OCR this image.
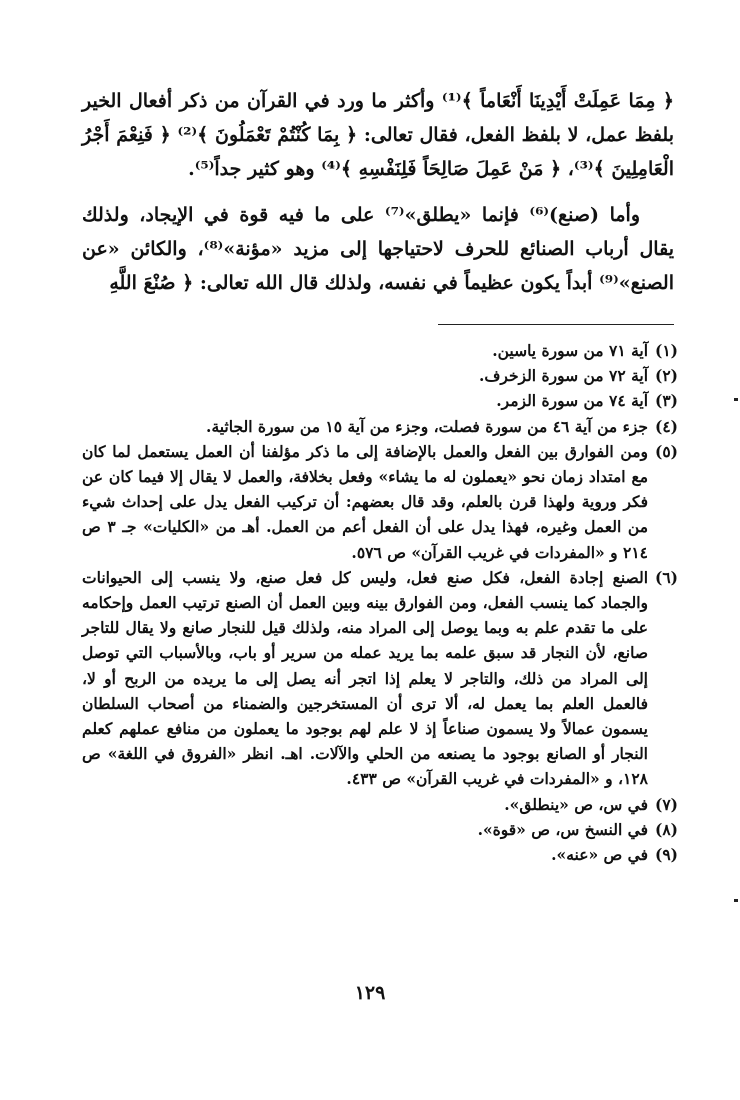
﴿ مِمَا عَمِلَتْ أَيْدِينَا أَنْعَاماً ﴾⁽¹⁾ وأكثر ما ورد في القرآن من ذكر أفعال الخير بلفظ عمل، لا بلفظ الفعل، فقال تعالى: ﴿ بِمَا كُنْتُمْ تَعْمَلُونَ ﴾⁽²⁾ ﴿ فَنِعْمَ أَجْرُ الْعَامِلِينَ ﴾⁽³⁾، ﴿ مَنْ عَمِلَ صَالِحَاً فَلِنَفْسِهِ ﴾⁽⁴⁾ وهو كثير جداً⁽⁵⁾.

وأما (صنع)⁽⁶⁾ فإنما «يطلق»⁽⁷⁾ على ما فيه قوة في الإيجاد، ولذلك يقال أرباب الصنائع للحرف لاحتياجها إلى مزيد «مؤنة»⁽⁸⁾، والكائن «عن الصنع»⁽⁹⁾ أبداً يكون عظيماً في نفسه، ولذلك قال الله تعالى: ﴿ صُنْعَ اللَّهِ

(١)
آية ٧١ من سورة ياسين.
(٢)
آية ٧٢ من سورة الزخرف.
(٣)
آية ٧٤ من سورة الزمر.
(٤)
جزء من آية ٤٦ من سورة فصلت، وجزء من آية ١٥ من سورة الجاثية.
(٥)
ومن الفوارق بين الفعل والعمل بالإضافة إلى ما ذكر مؤلفنا أن العمل يستعمل لما كان مع امتداد زمان نحو «يعملون له ما يشاء» وفعل بخلافة، والعمل لا يقال إلا فيما كان عن فكر وروية ولهذا قرن بالعلم، وقد قال بعضهم: أن تركيب الفعل يدل على إحداث شيء من العمل وغيره، فهذا يدل على أن الفعل أعم من العمل. أهـ من «الكليات» جـ ٣ ص ٢١٤ و «المفردات في غريب القرآن» ص ٥٧٦.
(٦)
الصنع إجادة الفعل، فكل صنع فعل، وليس كل فعل صنع، ولا ينسب إلى الحيوانات والجماد كما ينسب الفعل، ومن الفوارق بينه وبين العمل أن الصنع ترتيب العمل وإحكامه على ما تقدم علم به وبما يوصل إلى المراد منه، ولذلك قيل للنجار صانع ولا يقال للتاجر صانع، لأن النجار قد سبق علمه بما يريد عمله من سرير أو باب، وبالأسباب التي توصل إلى المراد من ذلك، والتاجر لا يعلم إذا اتجر أنه يصل إلى ما يريده من الربح أو لا، فالعمل العلم بما يعمل له، ألا ترى أن المستخرجين والضمناء من أصحاب السلطان يسمون عمالاً ولا يسمون صناعاً إذ لا علم لهم بوجود ما يعملون من منافع عملهم كعلم النجار أو الصانع بوجود ما يصنعه من الحلي والآلات. اهـ. انظر «الفروق في اللغة» ص ١٢٨، و «المفردات في غريب القرآن» ص ٤٣٣.
(٧)
في س، ص «ينطلق».
(٨)
في النسخ س، ص «قوة».
(٩)
في ص «عنه».
١٢٩
